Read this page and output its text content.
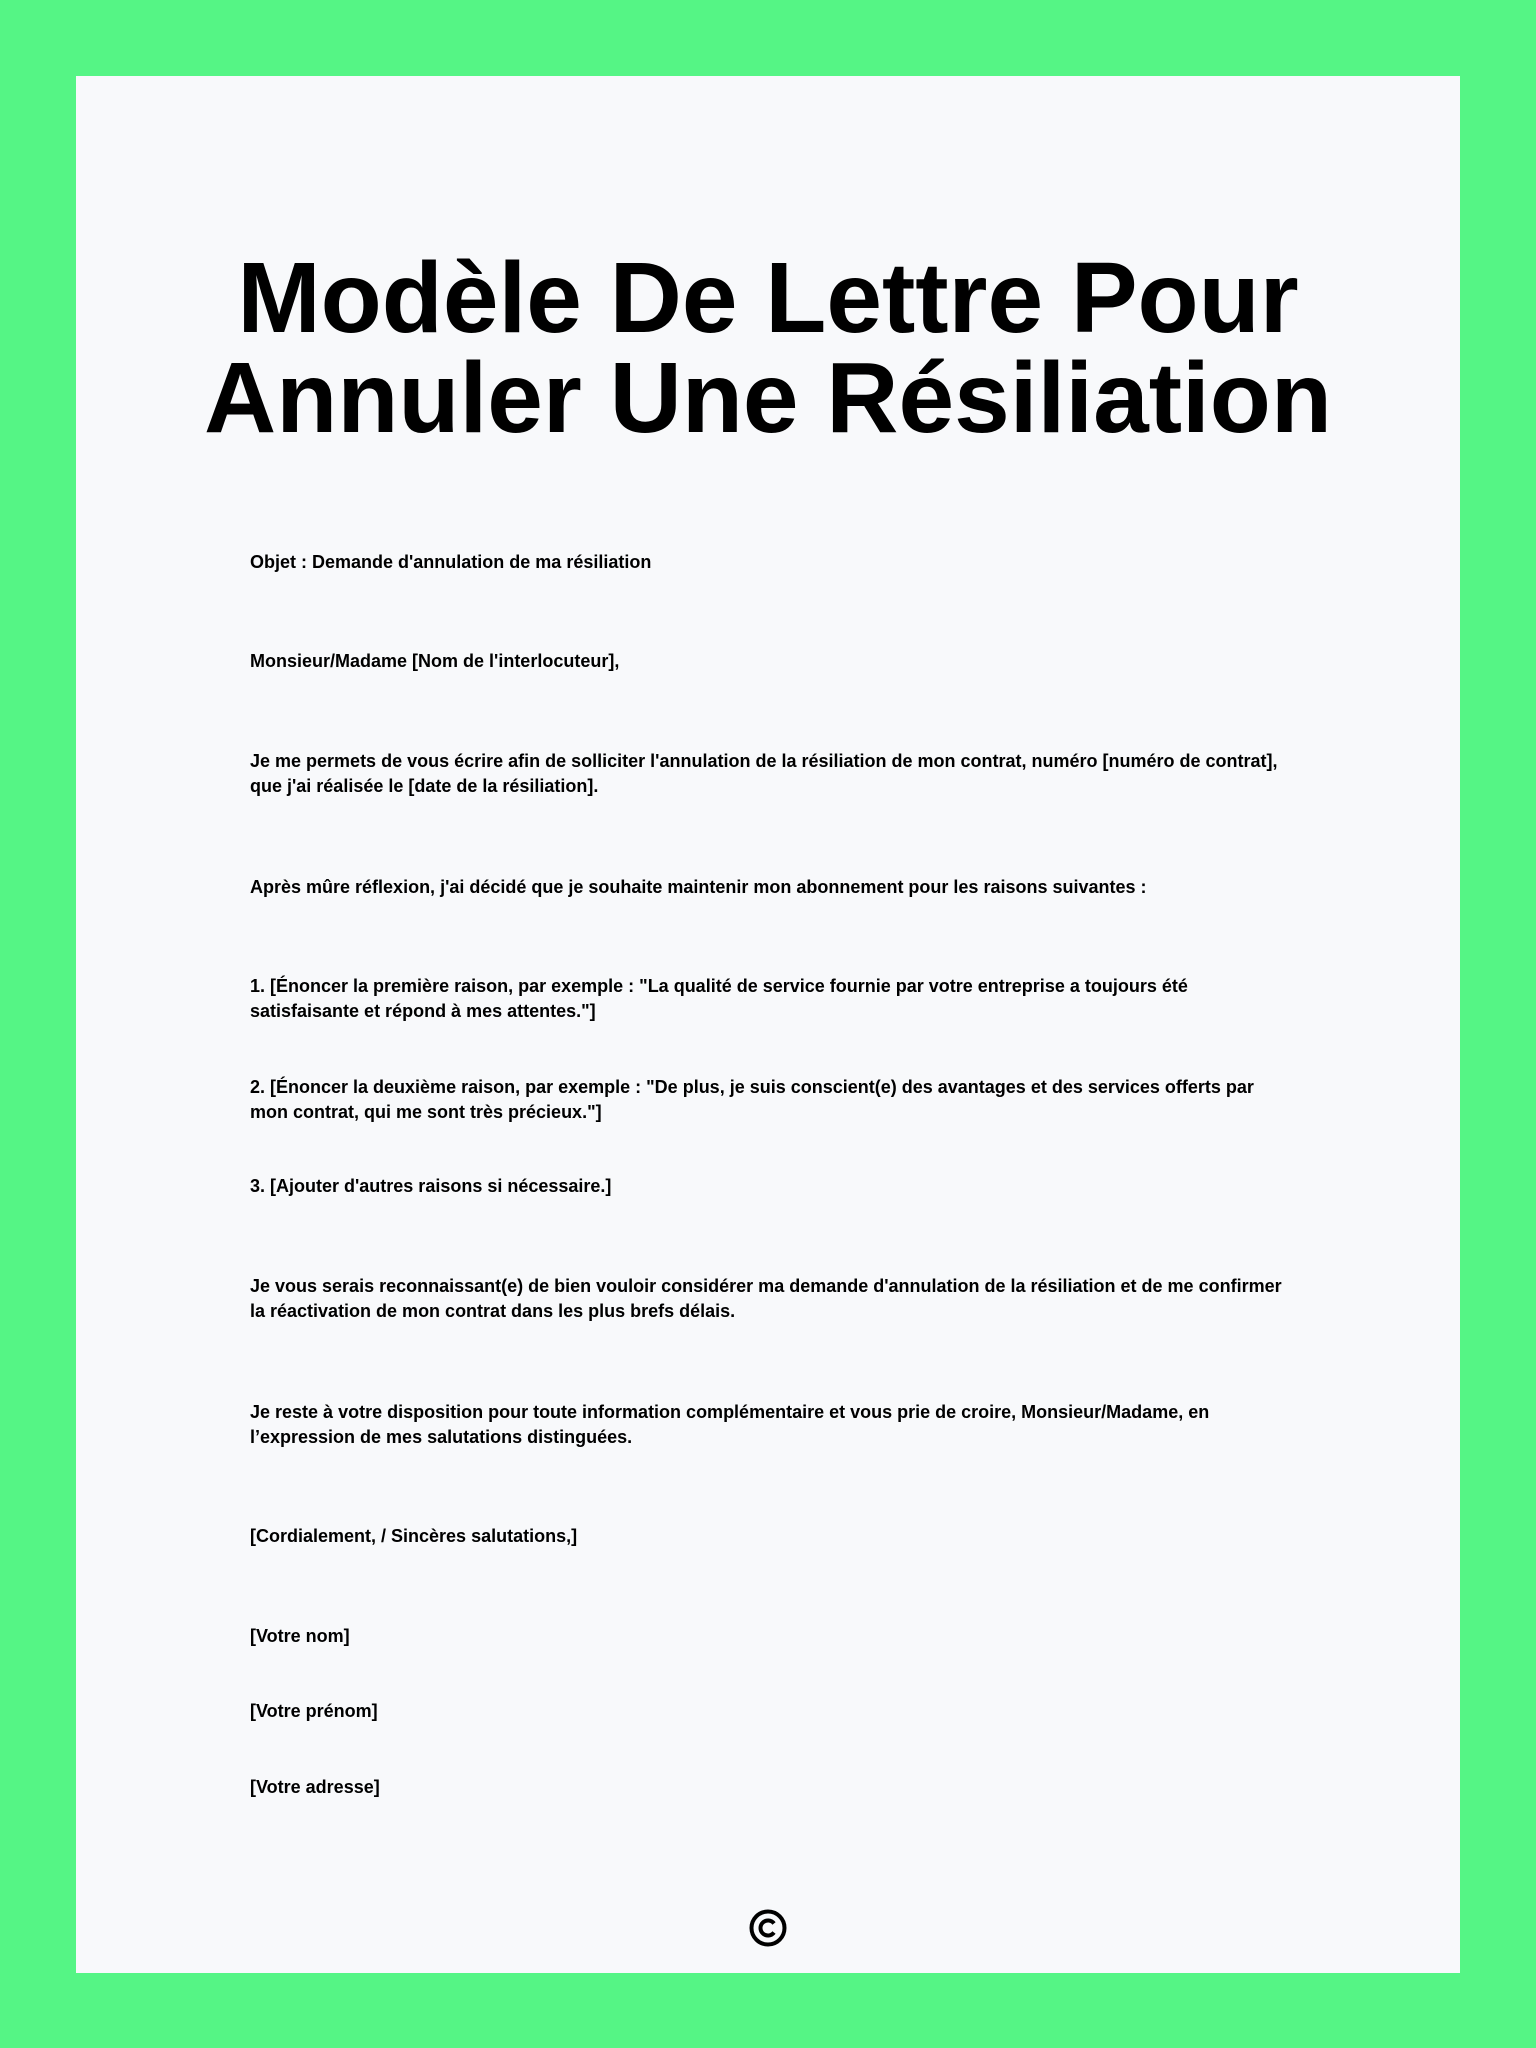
Modèle De Lettre Pour
Annuler Une Résiliation

Objet : Demande d'annulation de ma résiliation

Monsieur/Madame [Nom de l'interlocuteur],

Je me permets de vous écrire afin de solliciter l'annulation de la résiliation de mon contrat, numéro [numéro de contrat], que j'ai réalisée le [date de la résiliation].

Après mûre réflexion, j'ai décidé que je souhaite maintenir mon abonnement pour les raisons suivantes :

1. [Énoncer la première raison, par exemple : "La qualité de service fournie par votre entreprise a toujours été satisfaisante et répond à mes attentes."]

2. [Énoncer la deuxième raison, par exemple : "De plus, je suis conscient(e) des avantages et des services offerts par mon contrat, qui me sont très précieux."]

3. [Ajouter d'autres raisons si nécessaire.]

Je vous serais reconnaissant(e) de bien vouloir considérer ma demande d'annulation de la résiliation et de me confirmer la réactivation de mon contrat dans les plus brefs délais.

Je reste à votre disposition pour toute information complémentaire et vous prie de croire, Monsieur/Madame, en l’expression de mes salutations distinguées.

[Cordialement, / Sincères salutations,]

[Votre nom]

[Votre prénom]

[Votre adresse]
